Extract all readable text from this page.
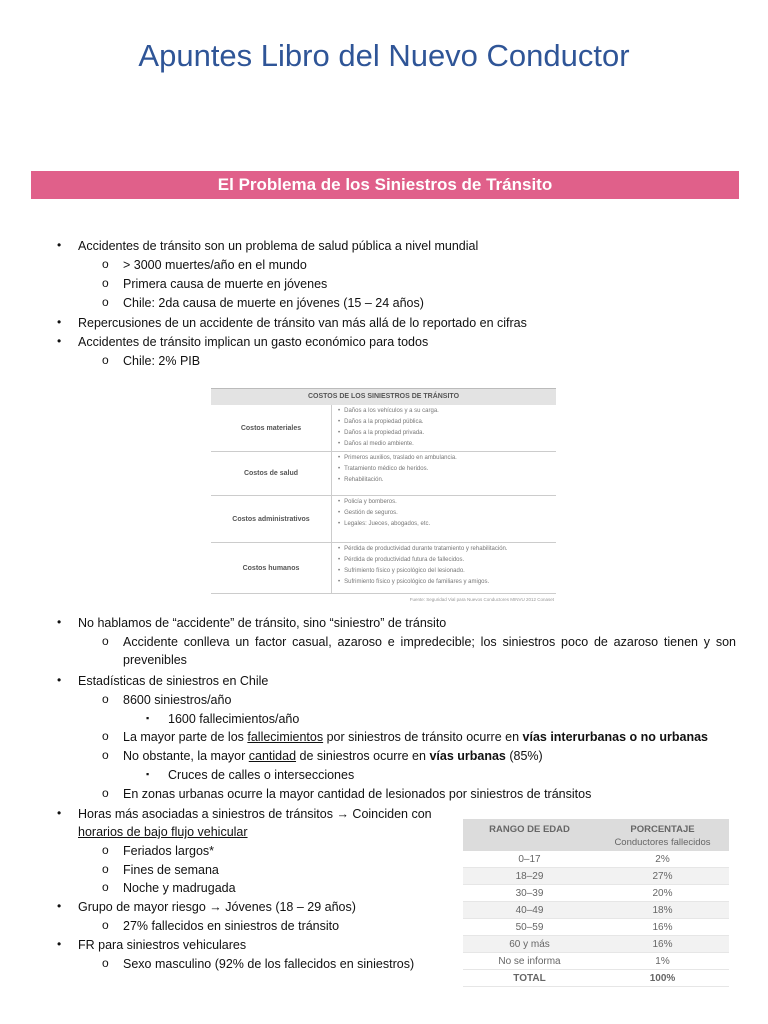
Apuntes Libro del Nuevo Conductor
El Problema de los Siniestros de Tránsito
• Accidentes de tránsito son un problema de salud pública a nivel mundial
o > 3000 muertes/año en el mundo
o Primera causa de muerte en jóvenes
o Chile: 2da causa de muerte en jóvenes (15 – 24 años)
• Repercusiones de un accidente de tránsito van más allá de lo reportado en cifras
• Accidentes de tránsito implican un gasto económico para todos
o Chile: 2% PIB
COSTOS DE LOS SINIESTROS DE TRÁNSITO
Costos materiales
• Daños a los vehículos y a su carga.
• Daños a la propiedad pública.
• Daños a la propiedad privada.
• Daños al medio ambiente.
Costos de salud
• Primeros auxilios, traslado en ambulancia.
• Tratamiento médico de heridos.
• Rehabilitación.
Costos administrativos
• Policía y bomberos.
• Gestión de seguros.
• Legales: Jueces, abogados, etc.
Costos humanos
• Pérdida de productividad durante tratamiento y rehabilitación.
• Pérdida de productividad futura de fallecidos.
• Sufrimiento físico y psicológico del lesionado.
• Sufrimiento físico y psicológico de familiares y amigos.
Fuente: Seguridad Vial para Nuevos Conductores MINVU 2012 Conaset
• No hablamos de “accidente” de tránsito, sino “siniestro” de tránsito
o Accidente conlleva un factor casual, azaroso e impredecible; los siniestros poco de azaroso tienen y son prevenibles
• Estadísticas de siniestros en Chile
o 8600 siniestros/año
▪ 1600 fallecimientos/año
o La mayor parte de los fallecimientos por siniestros de tránsito ocurre en vías interurbanas o no urbanas
o No obstante, la mayor cantidad de siniestros ocurre en vías urbanas (85%)
▪ Cruces de calles o intersecciones
o En zonas urbanas ocurre la mayor cantidad de lesionados por siniestros de tránsitos
• Horas más asociadas a siniestros de tránsitos → Coinciden con
horarios de bajo flujo vehicular
o Feriados largos*
o Fines de semana
o Noche y madrugada
• Grupo de mayor riesgo → Jóvenes (18 – 29 años)
o 27% fallecidos en siniestros de tránsito
• FR para siniestros vehiculares
o Sexo masculino (92% de los fallecidos en siniestros)
RANGO DE EDAD	PORCENTAJE
Conductores fallecidos
0–17	2%
18–29	27%
30–39	20%
40–49	18%
50–59	16%
60 y más	16%
No se informa	1%
TOTAL	100%
